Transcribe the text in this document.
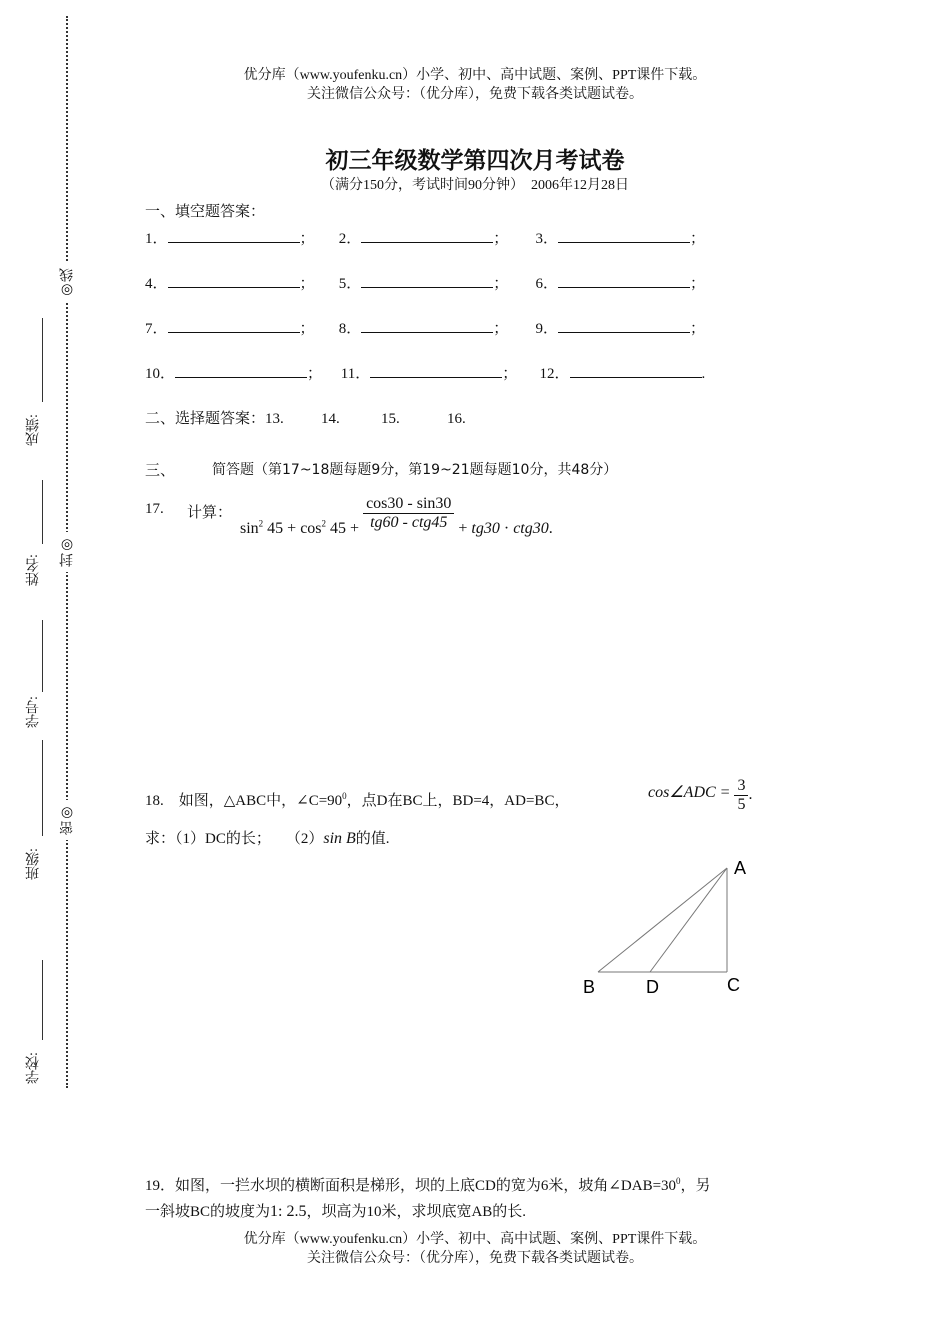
◎线
封◎
密◎
成绩:
姓名:
学号:
班级:
学校:
优分库（www.youfenku.cn）小学、初中、高中试题、案例、PPT课件下载。
关注微信公众号：（优分库），免费下载各类试题试卷。
初三年级数学第四次月考试卷
（满分150分，考试时间90分钟）　2006年12月28日
一、填空题答案：
1．	； 2．	； 3．	；
4．	； 5．	； 6．	；
7．	； 8．	； 9．	；
10．	； 11．	； 12．	.
二、选择题答案：13. 14.	15.	16.
三、	简答题（第17~18题每题9分，第19~21题每题10分，共48分）
17. 计算：
$\sin^2 45 + \cos^2 45 + \frac{\cos 30 - \sin 30}{\text{tg60 - ctg45}} + tg30 \cdot ctg30$.
18.　如图，△ABC中，$\angle C=90^0$，点D在BC上，BD=4，AD=BC，	cos∠ADC = $\frac{3}{5}$ .
求：（1）DC的长；　　（2）sin B的值.
A
B	D	C
19．如图，一拦水坝的横断面积是梯形，坝的上底CD的宽为6米，坡角$\angle DAB=30^0$，另
一斜坡BC的坡度为1: 2.5，坝高为10米，求坝底宽AB的长.
优分库（www.youfenku.cn）小学、初中、高中试题、案例、PPT课件下载。
关注微信公众号：（优分库），免费下载各类试题试卷。
